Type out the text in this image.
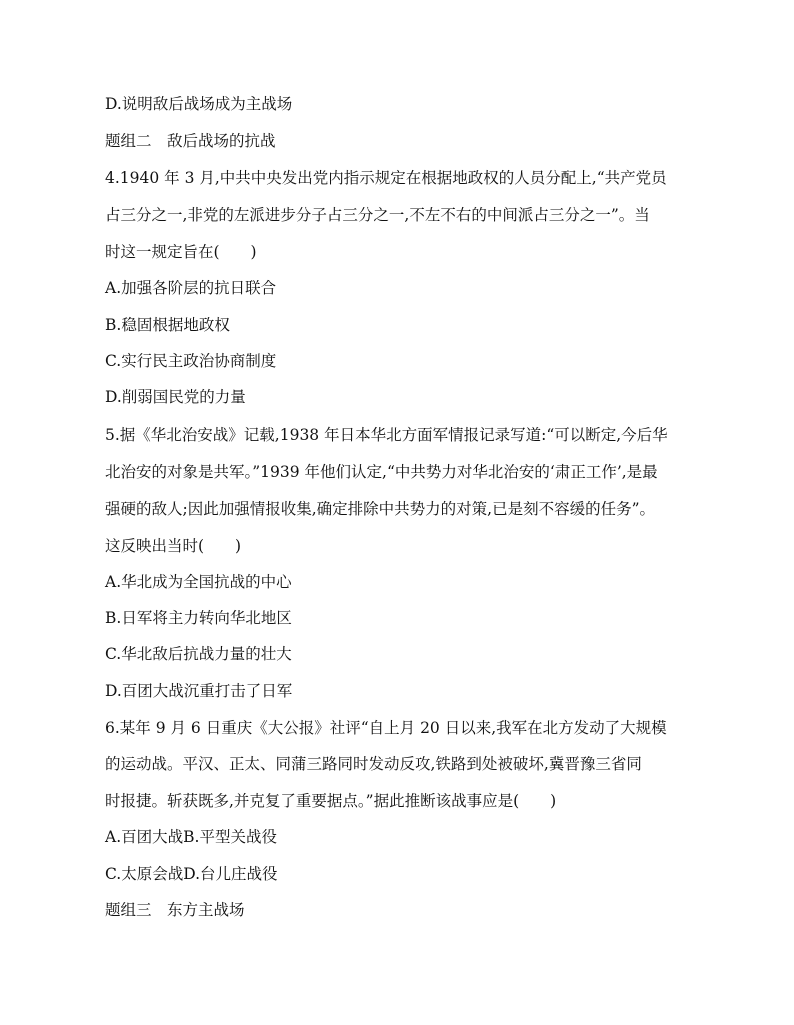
D.说明敌后战场成为主战场
题组二　敌后战场的抗战
4.1940 年 3 月,中共中央发出党内指示规定在根据地政权的人员分配上,“共产党员
占三分之一,非党的左派进步分子占三分之一,不左不右的中间派占三分之一”。当
时这一规定旨在(　　)
A.加强各阶层的抗日联合
B.稳固根据地政权
C.实行民主政治协商制度
D.削弱国民党的力量
5.据《华北治安战》记载,1938 年日本华北方面军情报记录写道:“可以断定,今后华
北治安的对象是共军。”1939 年他们认定,“中共势力对华北治安的‘肃正工作’,是最
强硬的敌人;因此加强情报收集,确定排除中共势力的对策,已是刻不容缓的任务”。
这反映出当时(　　)
A.华北成为全国抗战的中心
B.日军将主力转向华北地区
C.华北敌后抗战力量的壮大
D.百团大战沉重打击了日军
6.某年 9 月 6 日重庆《大公报》社评“自上月 20 日以来,我军在北方发动了大规模
的运动战。平汉、正太、同蒲三路同时发动反攻,铁路到处被破坏,冀晋豫三省同
时报捷。斩获既多,并克复了重要据点。”据此推断该战事应是(　　)
A.百团大战B.平型关战役
C.太原会战D.台儿庄战役
题组三　东方主战场
